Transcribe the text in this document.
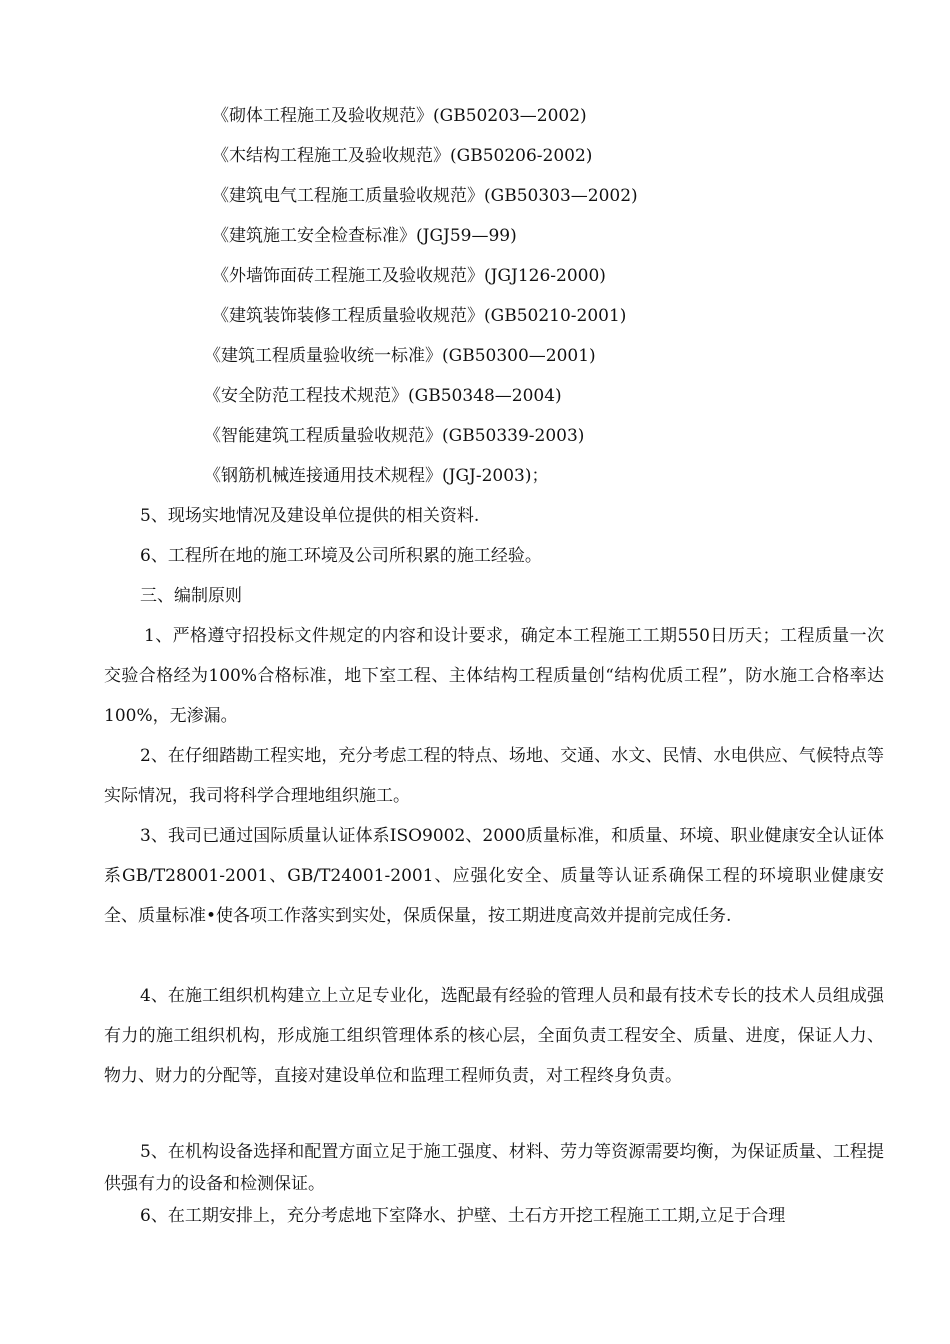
《砌体工程施工及验收规范》(GB50203—2002)
《木结构工程施工及验收规范》(GB50206-2002)
《建筑电气工程施工质量验收规范》(GB50303—2002)
《建筑施工安全检查标准》(JGJ59—99)
《外墙饰面砖工程施工及验收规范》(JGJ126-2000)
《建筑装饰装修工程质量验收规范》(GB50210-2001)
《建筑工程质量验收统一标准》(GB50300—2001)
《安全防范工程技术规范》(GB50348—2004)
《智能建筑工程质量验收规范》(GB50339-2003)
《钢筋机械连接通用技术规程》(JGJ-2003)；
5、现场实地情况及建设单位提供的相关资料.
6、工程所在地的施工环境及公司所积累的施工经验。
三、编制原则
1、严格遵守招投标文件规定的内容和设计要求，确定本工程施工工期550日历天；工程质量一次交验合格经为100%合格标准，地下室工程、主体结构工程质量创“结构优质工程”，防水施工合格率达100%，无渗漏。
2、在仔细踏勘工程实地，充分考虑工程的特点、场地、交通、水文、民情、水电供应、气候特点等实际情况，我司将科学合理地组织施工。
3、我司已通过国际质量认证体系ISO9002、2000质量标准，和质量、环境、职业健康安全认证体系GB/T28001-2001、GB/T24001-2001、应强化安全、质量等认证系确保工程的环境职业健康安全、质量标准•使各项工作落实到实处，保质保量，按工期进度高效并提前完成任务.
4、在施工组织机构建立上立足专业化，选配最有经验的管理人员和最有技术专长的技术人员组成强有力的施工组织机构，形成施工组织管理体系的核心层，全面负责工程安全、质量、进度，保证人力、物力、财力的分配等，直接对建设单位和监理工程师负责，对工程终身负责。
5、在机构设备选择和配置方面立足于施工强度、材料、劳力等资源需要均衡，为保证质量、工程提供强有力的设备和检测保证。
6、在工期安排上，充分考虑地下室降水、护壁、土石方开挖工程施工工期,立足于合理
